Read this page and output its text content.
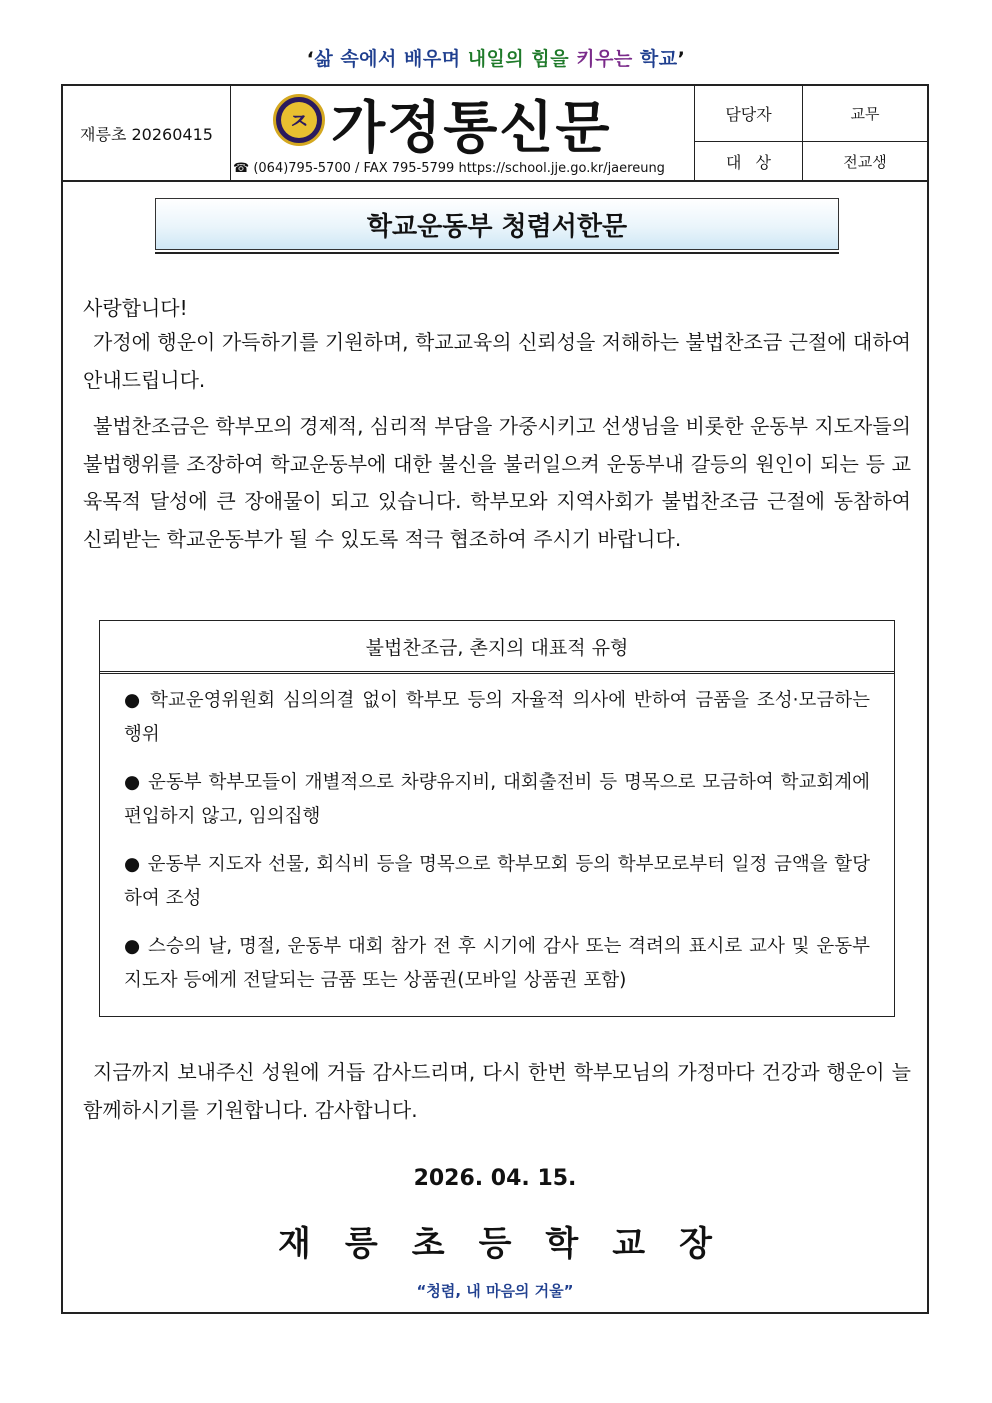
‘삶 속에서 배우며 내일의 힘을 키우는 학교’
재릉초 20260415	ㅈ 가정통신문
☎ (064)795-5700 / FAX 795-5799 https://school.jje.go.kr/jaereung
담당자	교무
대상	전교생
학교운동부 청렴서한문
사랑합니다!
가정에 행운이 가득하기를 기원하며, 학교교육의 신뢰성을 저해하는 불법찬조금 근절에 대하여 안내드립니다.
불법찬조금은 학부모의 경제적, 심리적 부담을 가중시키고 선생님을 비롯한 운동부 지도자들의 불법행위를 조장하여 학교운동부에 대한 불신을 불러일으켜 운동부내 갈등의 원인이 되는 등 교육목적 달성에 큰 장애물이 되고 있습니다. 학부모와 지역사회가 불법찬조금 근절에 동참하여 신뢰받는 학교운동부가 될 수 있도록 적극 협조하여 주시기 바랍니다.
불법찬조금, 촌지의 대표적 유형
● 학교운영위원회 심의의결 없이 학부모 등의 자율적 의사에 반하여 금품을 조성·모금하는 행위
● 운동부 학부모들이 개별적으로 차량유지비, 대회출전비 등 명목으로 모금하여 학교회계에 편입하지 않고, 임의집행
● 운동부 지도자 선물, 회식비 등을 명목으로 학부모회 등의 학부모로부터 일정 금액을 할당하여 조성
● 스승의 날, 명절, 운동부 대회 참가 전 후 시기에 감사 또는 격려의 표시로 교사 및 운동부 지도자 등에게 전달되는 금품 또는 상품권(모바일 상품권 포함)
지금까지 보내주신 성원에 거듭 감사드리며, 다시 한번 학부모님의 가정마다 건강과 행운이 늘 함께하시기를 기원합니다. 감사합니다.
2026. 04. 15.
재릉초등학교장
“청렴, 내 마음의 거울”
